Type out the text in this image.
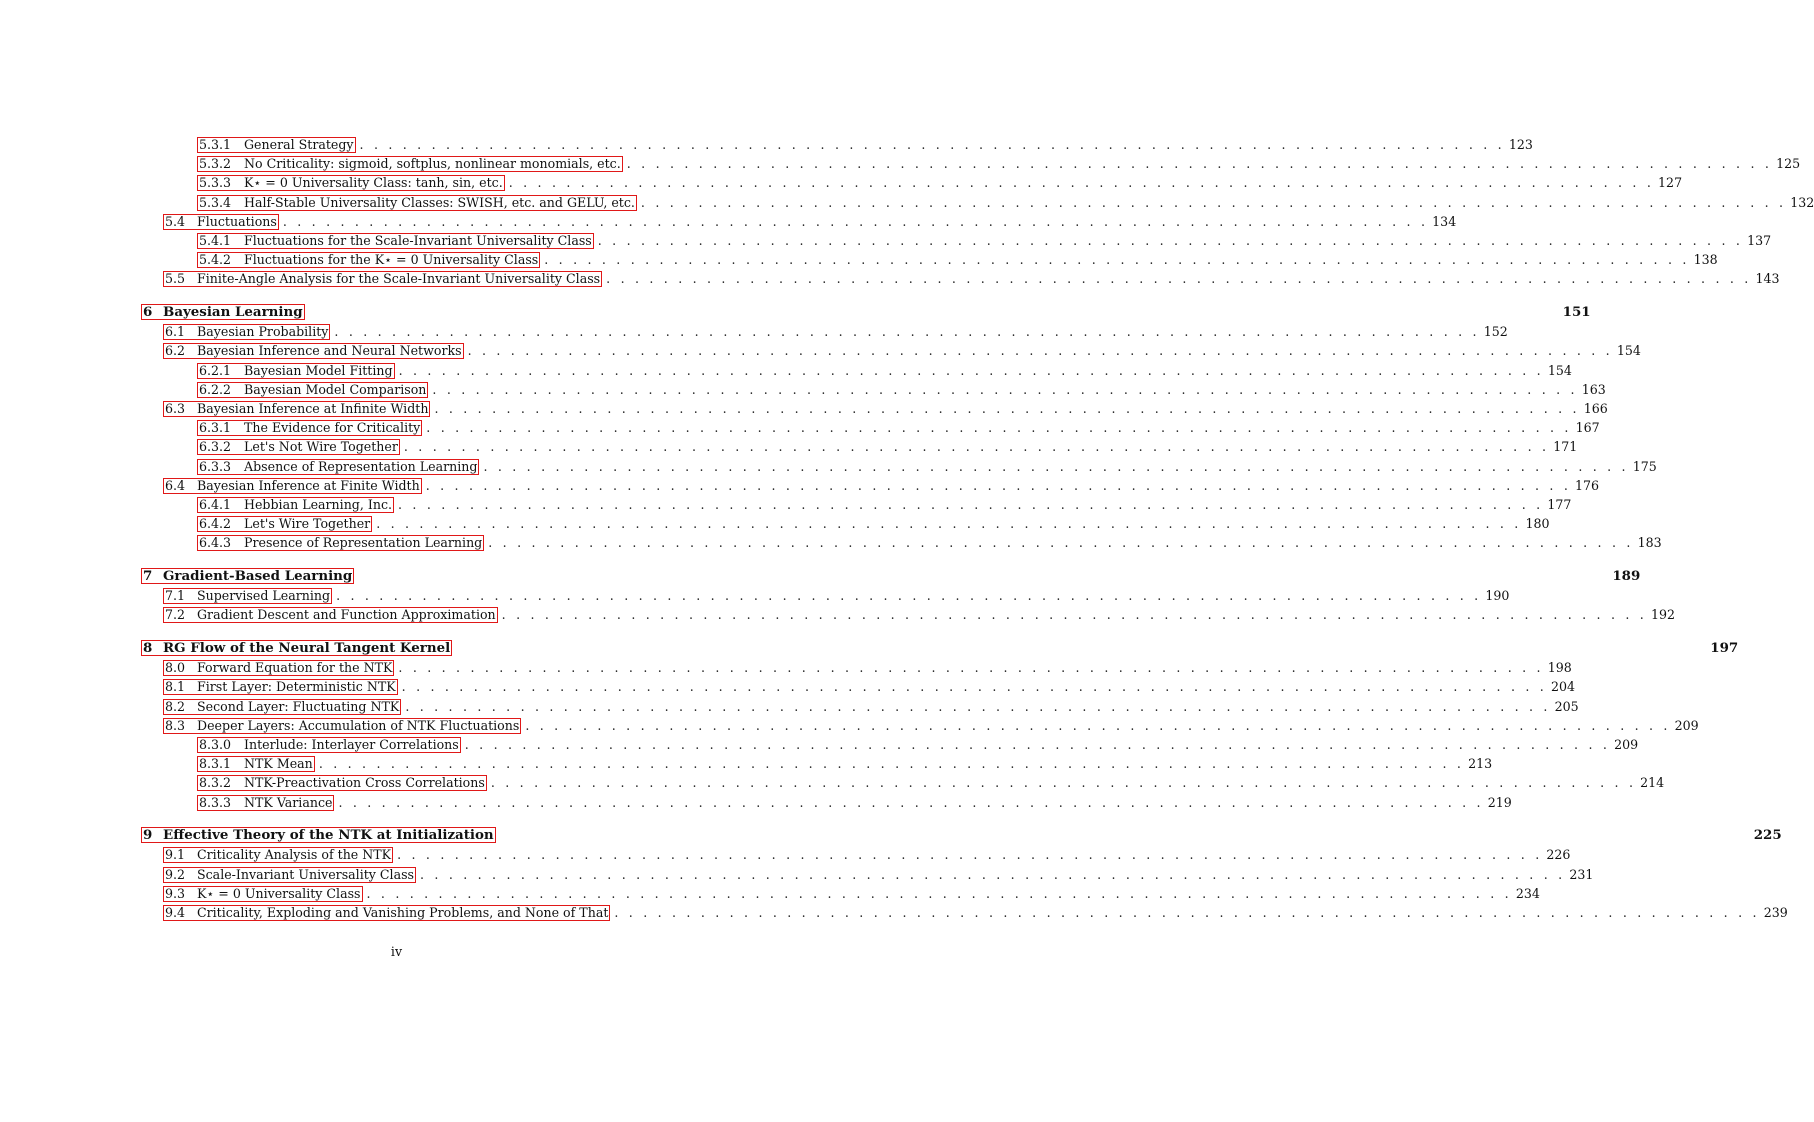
5.3.1	General Strategy . . . . . . . . . . . . . . . . . . . . . . . . . . . . . . . . . . . . . . . . . . . . . . . . . . . . . . . . . . . . . . . . . . . . . . . . . . . . . . . . 123
5.3.2	No Criticality: sigmoid, softplus, nonlinear monomials, etc. . . . . . . . . . . . . . . . . . . . . . . . . . . . . . . . . . . . . . . . . . . . . . . . . . . . . . . . . . . . . . . . . . . . . . . . . . . . . . . . . 125
5.3.3	K⋆ = 0 Universality Class: tanh, sin, etc. . . . . . . . . . . . . . . . . . . . . . . . . . . . . . . . . . . . . . . . . . . . . . . . . . . . . . . . . . . . . . . . . . . . . . . . . . . . . . . . . 127
5.3.4	Half-Stable Universality Classes: SWISH, etc. and GELU, etc. . . . . . . . . . . . . . . . . . . . . . . . . . . . . . . . . . . . . . . . . . . . . . . . . . . . . . . . . . . . . . . . . . . . . . . . . . . . . . . . . 132
5.4 Fluctuations . . . . . . . . . . . . . . . . . . . . . . . . . . . . . . . . . . . . . . . . . . . . . . . . . . . . . . . . . . . . . . . . . . . . . . . . . . . . . . . . 134
5.4.1	Fluctuations for the Scale-Invariant Universality Class . . . . . . . . . . . . . . . . . . . . . . . . . . . . . . . . . . . . . . . . . . . . . . . . . . . . . . . . . . . . . . . . . . . . . . . . . . . . . . . . 137
5.4.2	Fluctuations for the K⋆ = 0 Universality Class . . . . . . . . . . . . . . . . . . . . . . . . . . . . . . . . . . . . . . . . . . . . . . . . . . . . . . . . . . . . . . . . . . . . . . . . . . . . . . . . 138
5.5 Finite-Angle Analysis for the Scale-Invariant Universality Class . . . . . . . . . . . . . . . . . . . . . . . . . . . . . . . . . . . . . . . . . . . . . . . . . . . . . . . . . . . . . . . . . . . . . . . . . . . . . . . . 143
6 Bayesian Learning	151
6.1 Bayesian Probability . . . . . . . . . . . . . . . . . . . . . . . . . . . . . . . . . . . . . . . . . . . . . . . . . . . . . . . . . . . . . . . . . . . . . . . . . . . . . . . . 152
6.2 Bayesian Inference and Neural Networks . . . . . . . . . . . . . . . . . . . . . . . . . . . . . . . . . . . . . . . . . . . . . . . . . . . . . . . . . . . . . . . . . . . . . . . . . . . . . . . . 154
6.2.1	Bayesian Model Fitting . . . . . . . . . . . . . . . . . . . . . . . . . . . . . . . . . . . . . . . . . . . . . . . . . . . . . . . . . . . . . . . . . . . . . . . . . . . . . . . . 154
6.2.2	Bayesian Model Comparison . . . . . . . . . . . . . . . . . . . . . . . . . . . . . . . . . . . . . . . . . . . . . . . . . . . . . . . . . . . . . . . . . . . . . . . . . . . . . . . . 163
6.3 Bayesian Inference at Infinite Width . . . . . . . . . . . . . . . . . . . . . . . . . . . . . . . . . . . . . . . . . . . . . . . . . . . . . . . . . . . . . . . . . . . . . . . . . . . . . . . . 166
6.3.1	The Evidence for Criticality . . . . . . . . . . . . . . . . . . . . . . . . . . . . . . . . . . . . . . . . . . . . . . . . . . . . . . . . . . . . . . . . . . . . . . . . . . . . . . . . 167
6.3.2	Let's Not Wire Together . . . . . . . . . . . . . . . . . . . . . . . . . . . . . . . . . . . . . . . . . . . . . . . . . . . . . . . . . . . . . . . . . . . . . . . . . . . . . . . . 171
6.3.3	Absence of Representation Learning . . . . . . . . . . . . . . . . . . . . . . . . . . . . . . . . . . . . . . . . . . . . . . . . . . . . . . . . . . . . . . . . . . . . . . . . . . . . . . . . 175
6.4 Bayesian Inference at Finite Width . . . . . . . . . . . . . . . . . . . . . . . . . . . . . . . . . . . . . . . . . . . . . . . . . . . . . . . . . . . . . . . . . . . . . . . . . . . . . . . . 176
6.4.1	Hebbian Learning, Inc. . . . . . . . . . . . . . . . . . . . . . . . . . . . . . . . . . . . . . . . . . . . . . . . . . . . . . . . . . . . . . . . . . . . . . . . . . . . . . . . . 177
6.4.2	Let's Wire Together . . . . . . . . . . . . . . . . . . . . . . . . . . . . . . . . . . . . . . . . . . . . . . . . . . . . . . . . . . . . . . . . . . . . . . . . . . . . . . . . 180
6.4.3	Presence of Representation Learning . . . . . . . . . . . . . . . . . . . . . . . . . . . . . . . . . . . . . . . . . . . . . . . . . . . . . . . . . . . . . . . . . . . . . . . . . . . . . . . . 183
7 Gradient-Based Learning	189
7.1 Supervised Learning . . . . . . . . . . . . . . . . . . . . . . . . . . . . . . . . . . . . . . . . . . . . . . . . . . . . . . . . . . . . . . . . . . . . . . . . . . . . . . . . 190
7.2 Gradient Descent and Function Approximation . . . . . . . . . . . . . . . . . . . . . . . . . . . . . . . . . . . . . . . . . . . . . . . . . . . . . . . . . . . . . . . . . . . . . . . . . . . . . . . . 192
8 RG Flow of the Neural Tangent Kernel	197
8.0 Forward Equation for the NTK . . . . . . . . . . . . . . . . . . . . . . . . . . . . . . . . . . . . . . . . . . . . . . . . . . . . . . . . . . . . . . . . . . . . . . . . . . . . . . . . 198
8.1 First Layer: Deterministic NTK . . . . . . . . . . . . . . . . . . . . . . . . . . . . . . . . . . . . . . . . . . . . . . . . . . . . . . . . . . . . . . . . . . . . . . . . . . . . . . . . 204
8.2 Second Layer: Fluctuating NTK . . . . . . . . . . . . . . . . . . . . . . . . . . . . . . . . . . . . . . . . . . . . . . . . . . . . . . . . . . . . . . . . . . . . . . . . . . . . . . . . 205
8.3 Deeper Layers: Accumulation of NTK Fluctuations . . . . . . . . . . . . . . . . . . . . . . . . . . . . . . . . . . . . . . . . . . . . . . . . . . . . . . . . . . . . . . . . . . . . . . . . . . . . . . . . 209
8.3.0	Interlude: Interlayer Correlations . . . . . . . . . . . . . . . . . . . . . . . . . . . . . . . . . . . . . . . . . . . . . . . . . . . . . . . . . . . . . . . . . . . . . . . . . . . . . . . . 209
8.3.1	NTK Mean . . . . . . . . . . . . . . . . . . . . . . . . . . . . . . . . . . . . . . . . . . . . . . . . . . . . . . . . . . . . . . . . . . . . . . . . . . . . . . . . 213
8.3.2	NTK-Preactivation Cross Correlations . . . . . . . . . . . . . . . . . . . . . . . . . . . . . . . . . . . . . . . . . . . . . . . . . . . . . . . . . . . . . . . . . . . . . . . . . . . . . . . . 214
8.3.3	NTK Variance . . . . . . . . . . . . . . . . . . . . . . . . . . . . . . . . . . . . . . . . . . . . . . . . . . . . . . . . . . . . . . . . . . . . . . . . . . . . . . . . 219
9 Effective Theory of the NTK at Initialization	225
9.1 Criticality Analysis of the NTK . . . . . . . . . . . . . . . . . . . . . . . . . . . . . . . . . . . . . . . . . . . . . . . . . . . . . . . . . . . . . . . . . . . . . . . . . . . . . . . . 226
9.2 Scale-Invariant Universality Class . . . . . . . . . . . . . . . . . . . . . . . . . . . . . . . . . . . . . . . . . . . . . . . . . . . . . . . . . . . . . . . . . . . . . . . . . . . . . . . . 231
9.3 K⋆ = 0 Universality Class . . . . . . . . . . . . . . . . . . . . . . . . . . . . . . . . . . . . . . . . . . . . . . . . . . . . . . . . . . . . . . . . . . . . . . . . . . . . . . . . 234
9.4 Criticality, Exploding and Vanishing Problems, and None of That . . . . . . . . . . . . . . . . . . . . . . . . . . . . . . . . . . . . . . . . . . . . . . . . . . . . . . . . . . . . . . . . . . . . . . . . . . . . . . . . 239
iv
